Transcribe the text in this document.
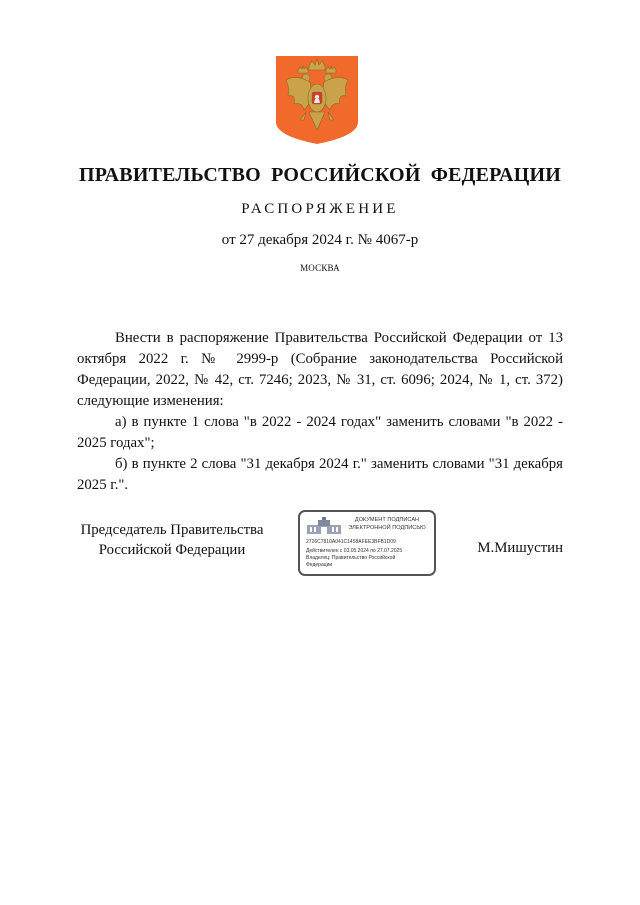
ПРАВИТЕЛЬСТВО РОССИЙСКОЙ ФЕДЕРАЦИИ
РАСПОРЯЖЕНИЕ
от 27 декабря 2024 г. № 4067-р
МОСКВА

Внести в распоряжение Правительства Российской Федерации от 13 октября 2022 г. № 2999-р (Собрание законодательства Российской Федерации, 2022, № 42, ст. 7246; 2023, № 31, ст. 6096; 2024, № 1, ст. 372) следующие изменения:

а) в пункте 1 слова "в 2022 - 2024 годах" заменить словами "в 2022 - 2025 годах";

б) в пункте 2 слова "31 декабря 2024 г." заменить словами "31 декабря 2025 г.".

Председатель Правительства
Российской Федерации
ДОКУМЕНТ ПОДПИСАН
ЭЛЕКТРОННОЙ ПОДПИСЬЮ
2726C7810A041C1458AFEE3BFB1D09
Действителен с 03.05.2024 по 27.07.2025
Владелец: Правительство Российской
Федерации
М.Мишустин
